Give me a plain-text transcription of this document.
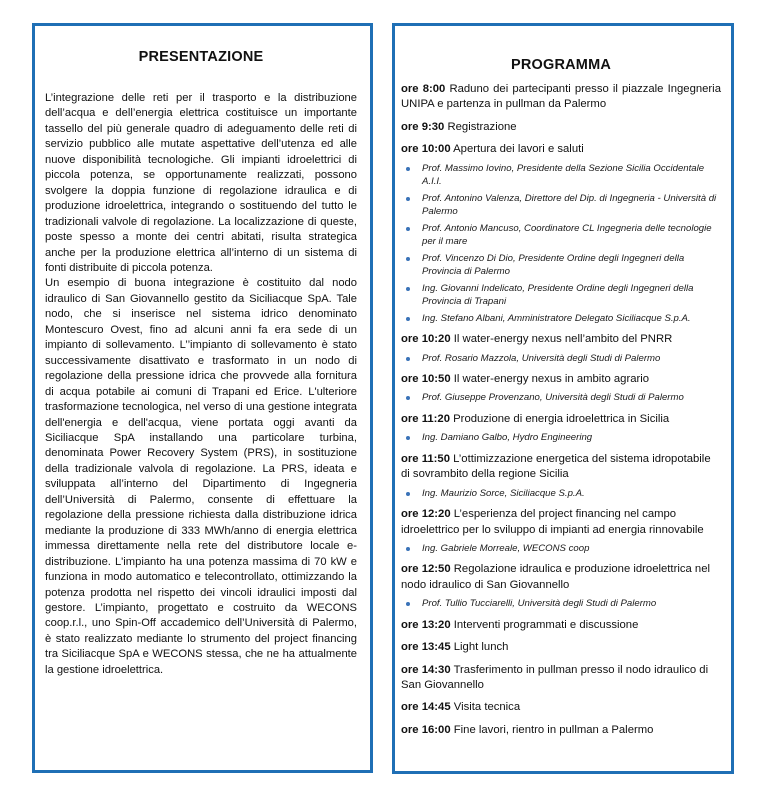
PRESENTAZIONE

L’integrazione delle reti per il trasporto e la distribuzione dell’acqua e dell’energia elettrica costituisce un importante tassello del più generale quadro di adeguamento delle reti di servizio pubblico alle mutate aspettative dell’utenza ed alle nuove disponibilità tecnologiche. Gli impianti idroelettrici di piccola potenza, se opportunamente realizzati, possono svolgere la doppia funzione di regolazione idraulica e di produzione idroelettrica, integrando o sostituendo del tutto le tradizionali valvole di regolazione. La localizzazione di queste, poste spesso a monte dei centri abitati, risulta strategica anche per la produzione elettrica all’interno di un sistema di fonti distribuite di piccola potenza.

Un esempio di buona integrazione è costituito dal nodo idraulico di San Giovannello gestito da Siciliacque SpA. Tale nodo, che si inserisce nel sistema idrico denominato Montescuro Ovest, fino ad alcuni anni fa era sede di un impianto di sollevamento. L’’impianto di sollevamento è stato successivamente disattivato e trasformato in un nodo di regolazione della pressione idrica che provvede alla fornitura di acqua potabile ai comuni di Trapani ed Erice. L'ulteriore trasformazione tecnologica, nel verso di una gestione integrata dell'energia e dell'acqua, viene portata oggi avanti da Siciliacque SpA installando una particolare turbina, denominata Power Recovery System (PRS), in sostituzione della tradizionale valvola di regolazione. La PRS, ideata e sviluppata all’interno del Dipartimento di Ingegneria dell’Università di Palermo, consente di effettuare la regolazione della pressione richiesta dalla distribuzione idrica mediante la produzione di 333 MWh/anno di energia elettrica immessa direttamente nella rete del distributore locale e-distribuzione. L'impianto ha una potenza massima di 70 kW e funziona in modo automatico e telecontrollato, ottimizzando la potenza prodotta nel rispetto dei vincoli idraulici imposti dal gestore. L’impianto, progettato e costruito da WECONS coop.r.l., uno Spin-Off accademico dell’Università di Palermo, è stato realizzato mediante lo strumento del project financing tra Siciliacque SpA e WECONS stessa, che ne ha attualmente la gestione idroelettrica.

PROGRAMMA

ore 8:00 Raduno dei partecipanti presso il piazzale Ingegneria UNIPA e partenza in pullman da Palermo

ore 9:30 Registrazione

ore 10:00 Apertura dei lavori e saluti

Prof. Massimo Iovino, Presidente della Sezione Sicilia Occidentale A.I.I.
Prof. Antonino Valenza, Direttore del Dip. di Ingegneria - Università di Palermo
Prof. Antonio Mancuso, Coordinatore CL Ingegneria delle tecnologie per il mare
Prof. Vincenzo Di Dio, Presidente Ordine degli Ingegneri della Provincia di Palermo
Ing. Giovanni Indelicato, Presidente Ordine degli Ingegneri della Provincia di Trapani
Ing. Stefano Albani, Amministratore Delegato Siciliacque S.p.A.

ore 10:20 Il water-energy nexus nell’ambito del PNRR

Prof. Rosario Mazzola, Università degli Studi di Palermo

ore 10:50 Il water-energy nexus in ambito agrario

Prof. Giuseppe Provenzano, Università degli Studi di Palermo

ore 11:20 Produzione di energia idroelettrica in Sicilia

Ing. Damiano Galbo, Hydro Engineering

ore 11:50 L’ottimizzazione energetica del sistema idropotabile di sovrambito della regione Sicilia

Ing. Maurizio Sorce, Siciliacque S.p.A.

ore 12:20 L’esperienza del project financing nel campo idroelettrico per lo sviluppo di impianti ad energia rinnovabile

Ing. Gabriele Morreale, WECONS coop

ore 12:50 Regolazione idraulica e produzione idroelettrica nel nodo idraulico di San Giovannello

Prof. Tullio Tucciarelli, Università degli Studi di Palermo

ore 13:20 Interventi programmati e discussione

ore 13:45 Light lunch

ore 14:30 Trasferimento in pullman presso il nodo idraulico di San Giovannello

ore 14:45 Visita tecnica

ore 16:00 Fine lavori, rientro in pullman a Palermo
